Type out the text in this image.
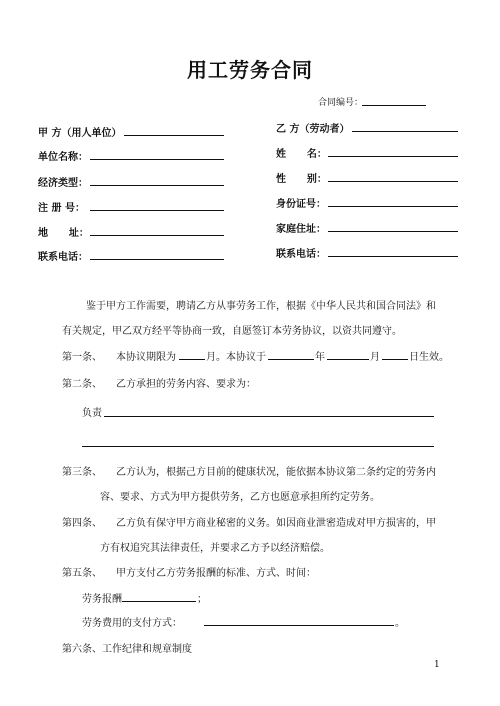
用工劳务合同
合同编号：
甲 方（用人单位）
单位名称：
经济类型：
注 册 号：
地      址：
联系电话：
乙 方（劳动者）
姓      名：
性      别：
身份证号：
家庭住址：
联系电话：
鉴于甲方工作需要，聘请乙方从事劳务工作，根据《中华人民共和国合同法》和
有关规定，甲乙双方经平等协商一致，自愿签订本劳务协议，以资共同遵守。
第一条、 本协议期限为	月。本协议于	年	月	日生效。
第二条、 乙方承担的劳务内容、要求为：
负责
第三条、 乙方认为，根据己方目前的健康状况，能依据本协议第二条约定的劳务内
容、要求、方式为甲方提供劳务，乙方也愿意承担所约定劳务。
第四条、 乙方负有保守甲方商业秘密的义务。如因商业泄密造成对甲方损害的，甲
方有权追究其法律责任，并要求乙方予以经济赔偿。
第五条、 甲方支付乙方劳务报酬的标准、方式、时间：
劳务报酬	；
劳务费用的支付方式：	。
第六条、工作纪律和规章制度
1
